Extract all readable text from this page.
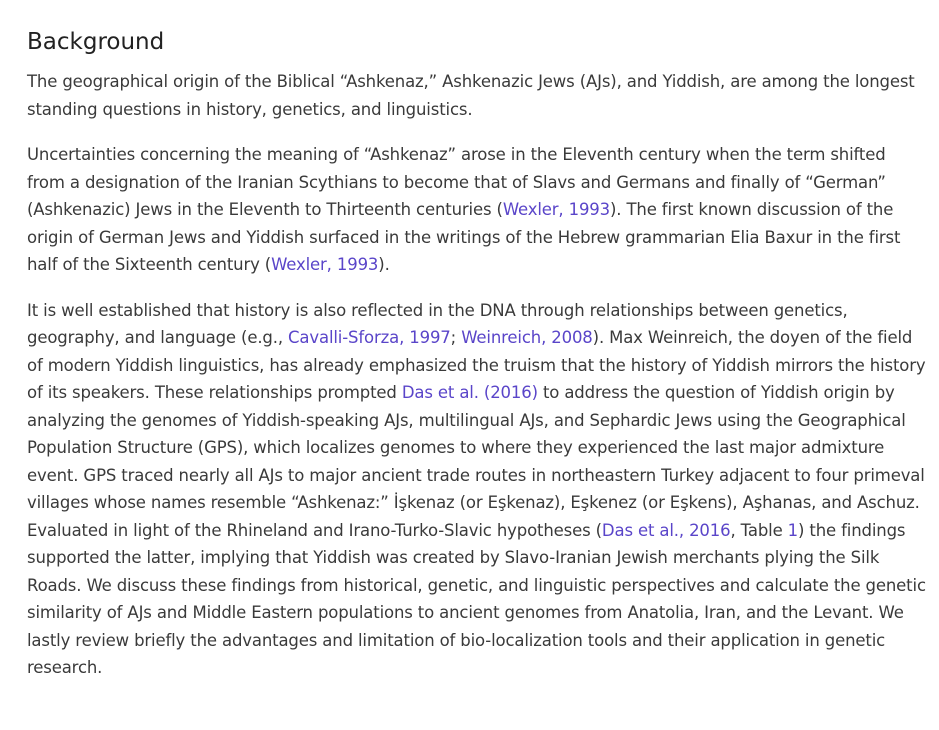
Background

The geographical origin of the Biblical “Ashkenaz,” Ashkenazic Jews (AJs), and Yiddish, are among the longest standing questions in history, genetics, and linguistics.

Uncertainties concerning the meaning of “Ashkenaz” arose in the Eleventh century when the term shifted from a designation of the Iranian Scythians to become that of Slavs and Germans and finally of “German” (Ashkenazic) Jews in the Eleventh to Thirteenth centuries (Wexler, 1993). The first known discussion of the origin of German Jews and Yiddish surfaced in the writings of the Hebrew grammarian Elia Baxur in the first half of the Sixteenth century (Wexler, 1993).

It is well established that history is also reflected in the DNA through relationships between genetics, geography, and language (e.g., Cavalli-Sforza, 1997; Weinreich, 2008). Max Weinreich, the doyen of the field of modern Yiddish linguistics, has already emphasized the truism that the history of Yiddish mirrors the history of its speakers. These relationships prompted Das et al. (2016) to address the question of Yiddish origin by analyzing the genomes of Yiddish-speaking AJs, multilingual AJs, and Sephardic Jews using the Geographical Population Structure (GPS), which localizes genomes to where they experienced the last major admixture event. GPS traced nearly all AJs to major ancient trade routes in northeastern Turkey adjacent to four primeval villages whose names resemble “Ashkenaz:” İşkenaz (or Eşkenaz), Eşkenez (or Eşkens), Aşhanas, and Aschuz. Evaluated in light of the Rhineland and Irano-Turko-Slavic hypotheses (Das et al., 2016, Table 1) the findings supported the latter, implying that Yiddish was created by Slavo-Iranian Jewish merchants plying the Silk Roads. We discuss these findings from historical, genetic, and linguistic perspectives and calculate the genetic similarity of AJs and Middle Eastern populations to ancient genomes from Anatolia, Iran, and the Levant. We lastly review briefly the advantages and limitation of bio-localization tools and their application in genetic research.
